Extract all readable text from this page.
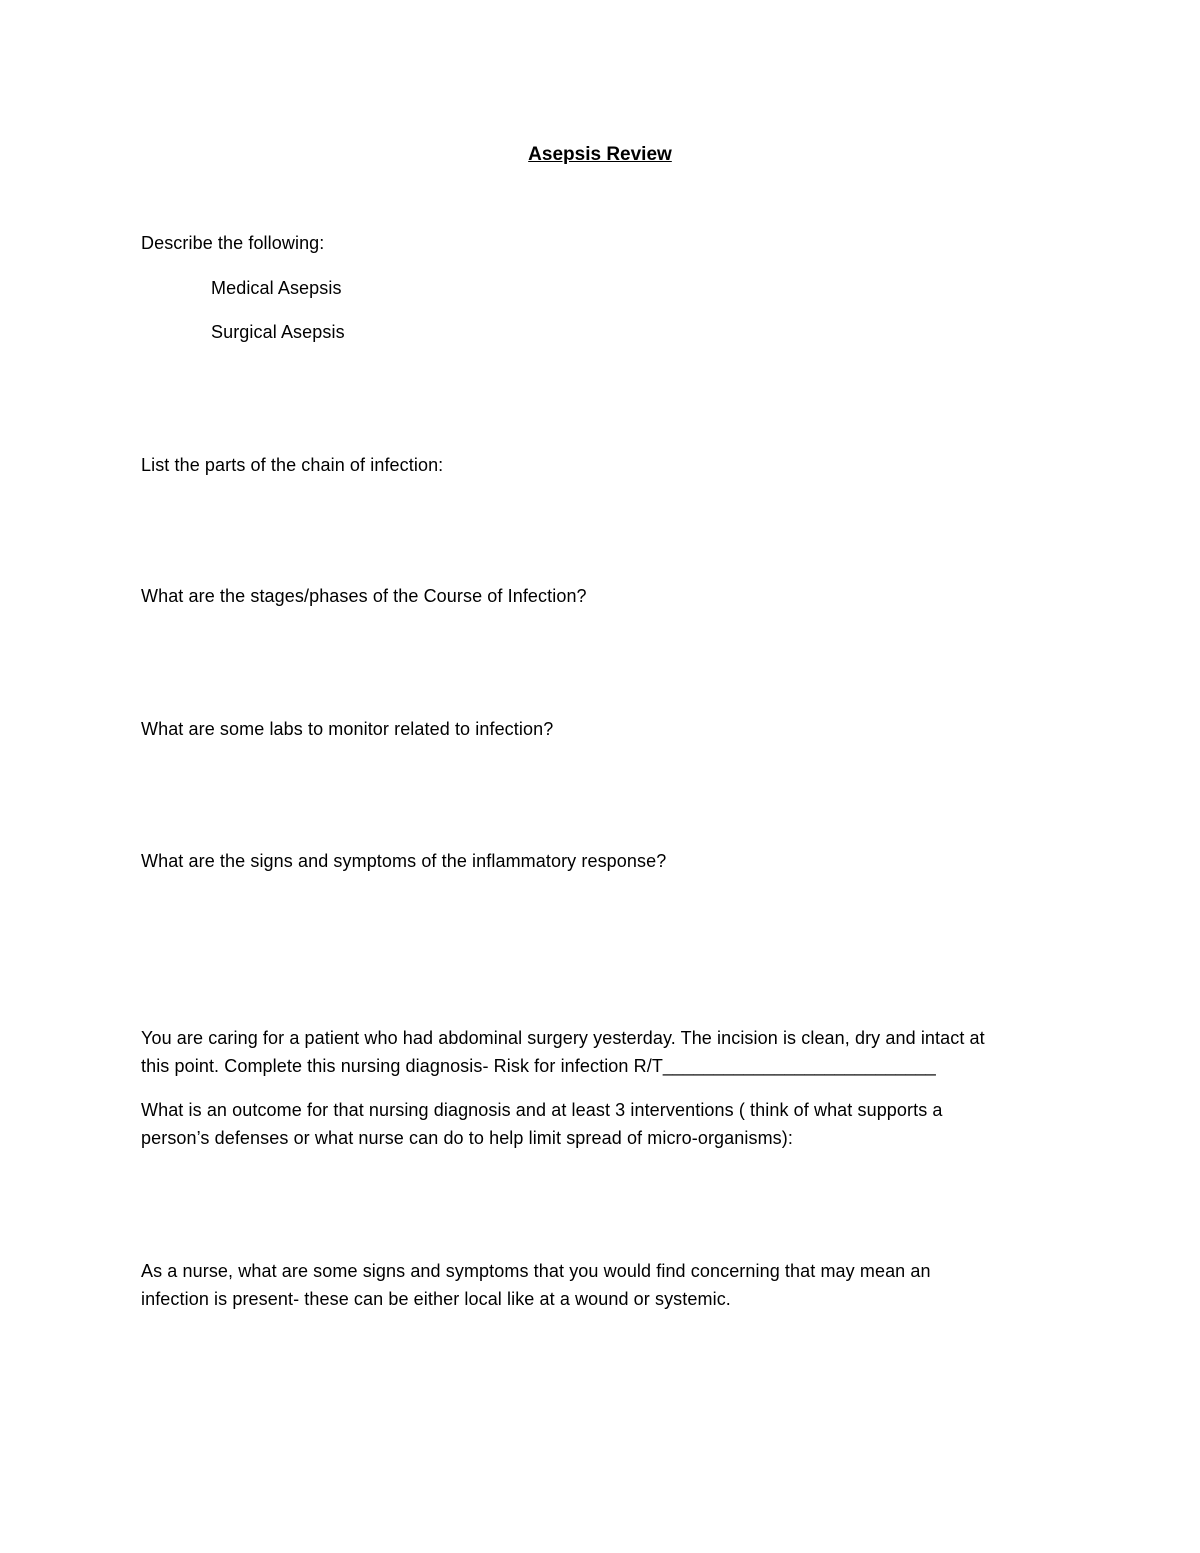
Asepsis Review
Describe the following:
Medical Asepsis
Surgical Asepsis
List the parts of the chain of infection:
What are the stages/phases of the Course of Infection?
What are some labs to monitor related to infection?
What are the signs and symptoms of the inflammatory response?
You are caring for a patient who had abdominal surgery yesterday. The incision is clean, dry and intact at
this point. Complete this nursing diagnosis- Risk for infection R/T___________________________
What is an outcome for that nursing diagnosis and at least 3 interventions ( think of what supports a
person’s defenses or what nurse can do to help limit spread of micro-organisms):
As a nurse, what are some signs and symptoms that you would find concerning that may mean an
infection is present- these can be either local like at a wound or systemic.
